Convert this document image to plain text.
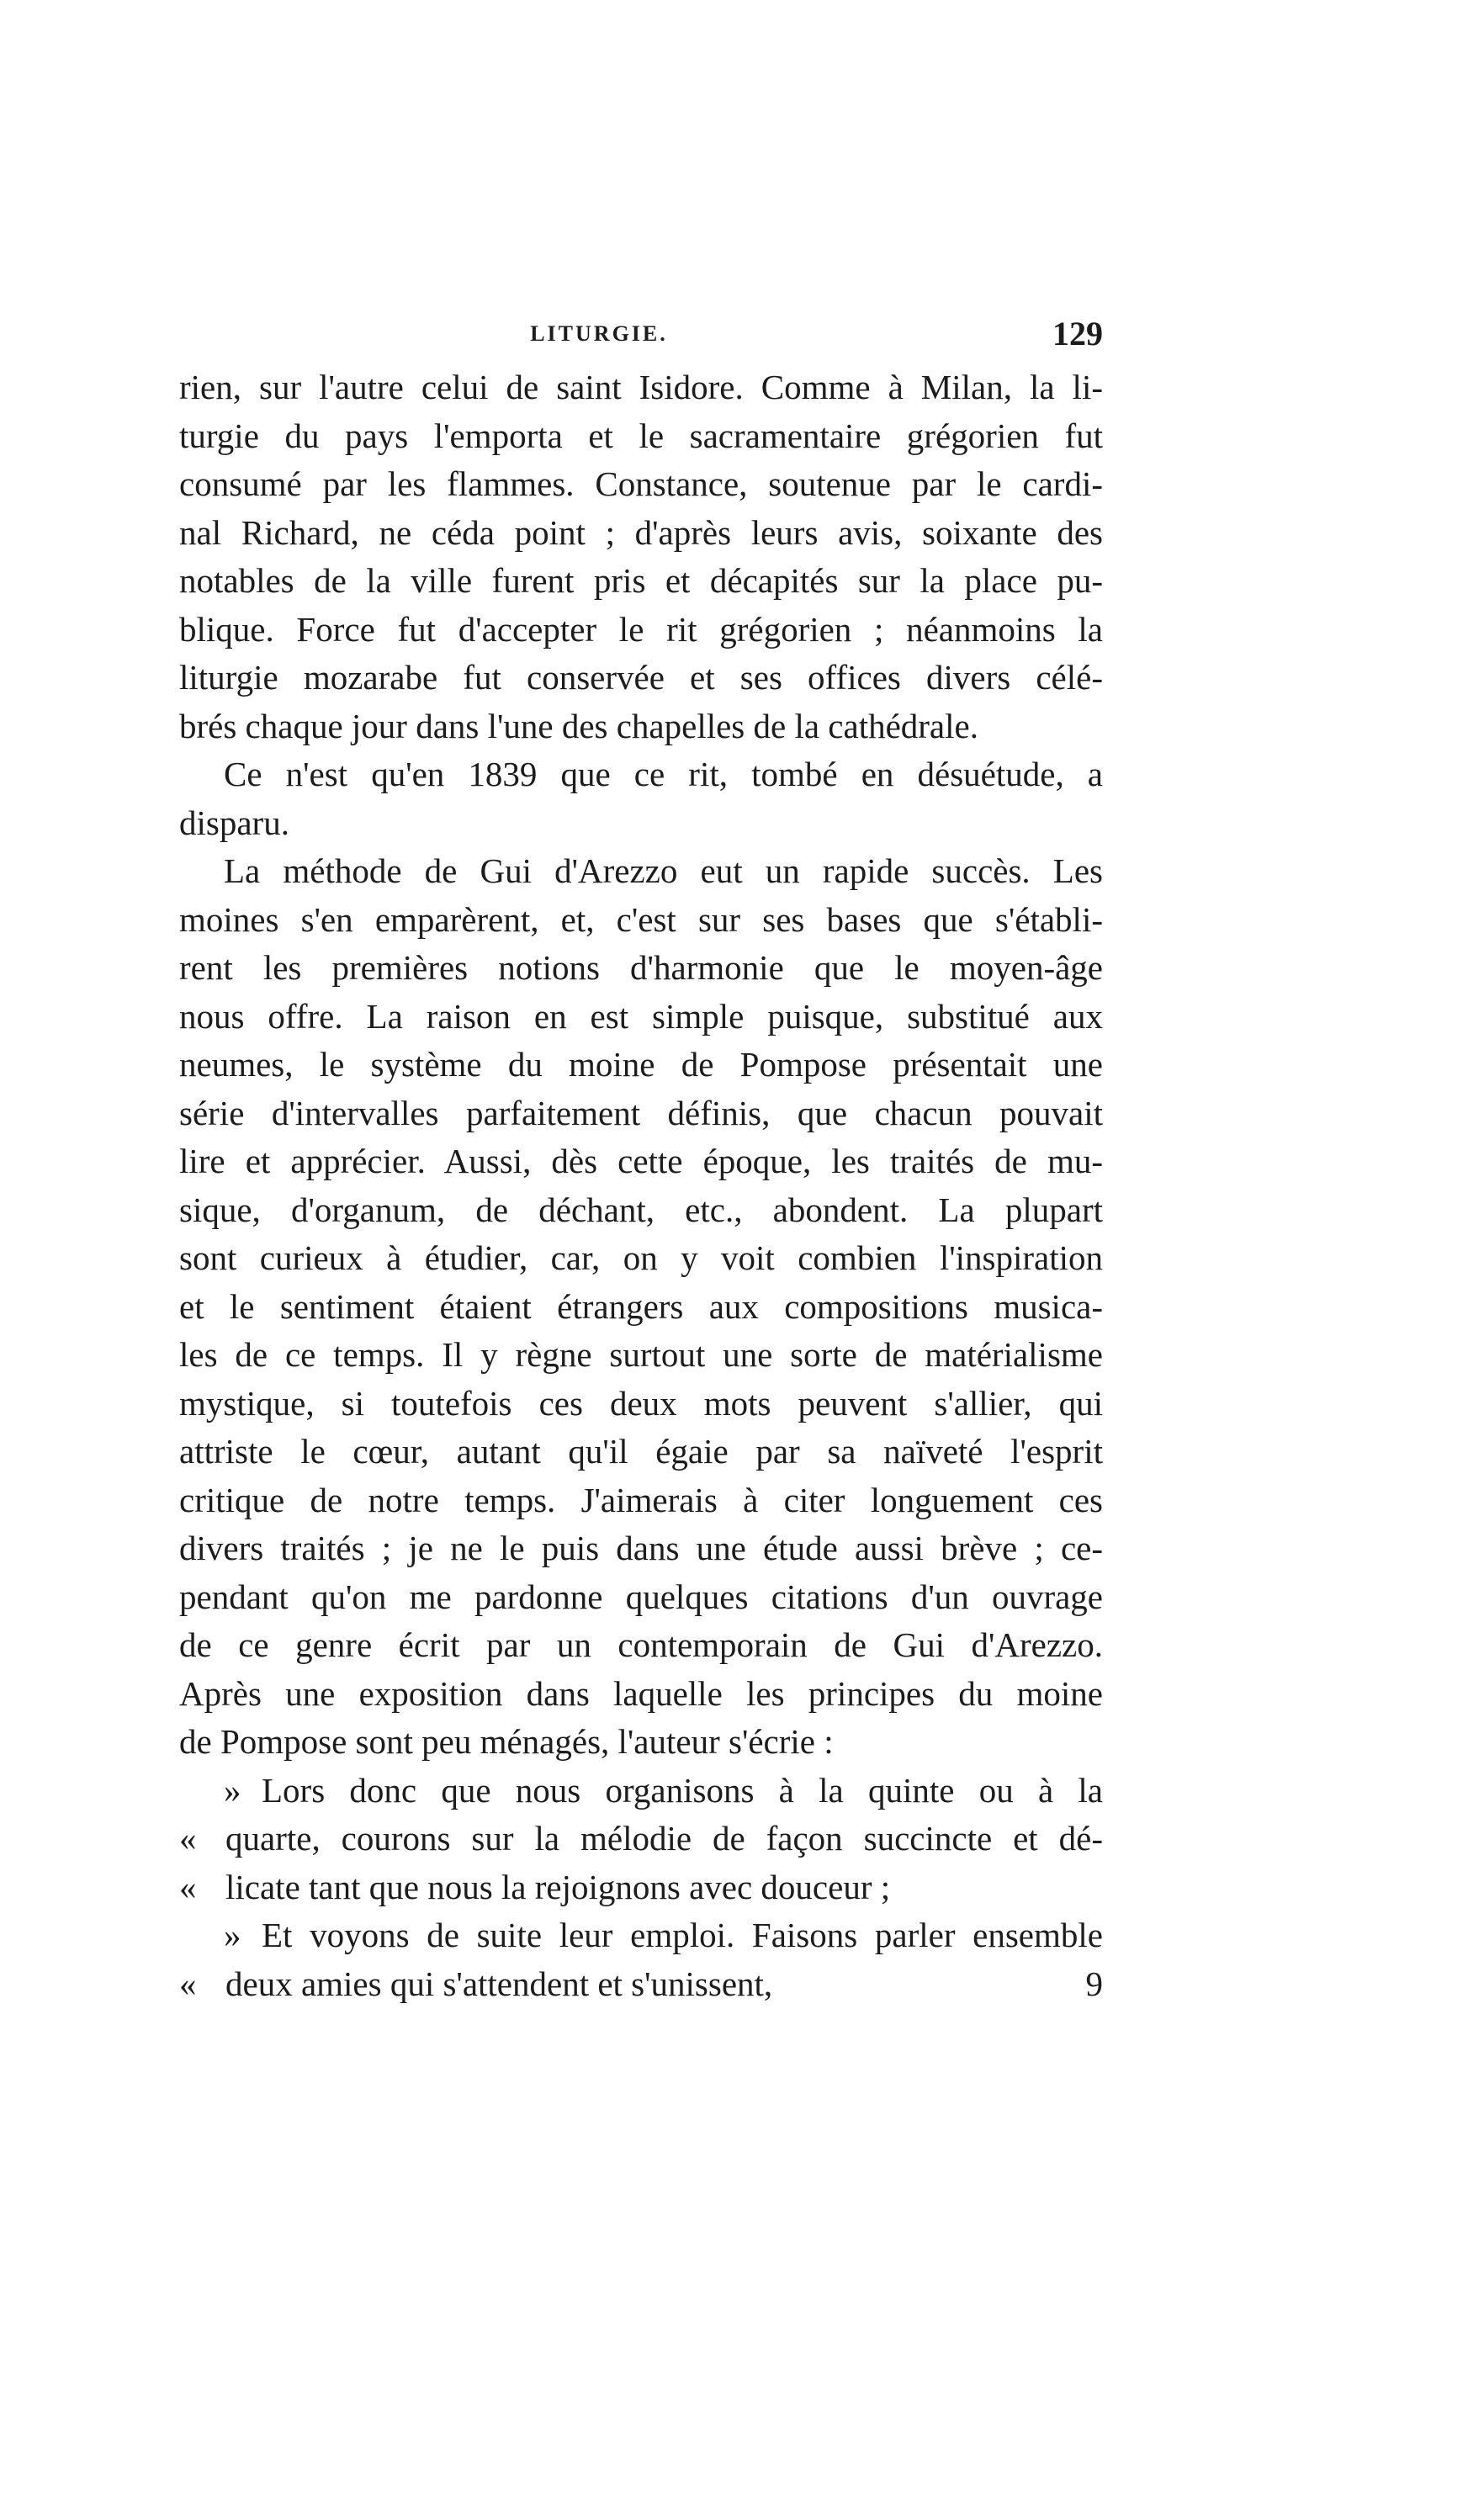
LITURGIE.	129
rien, sur l'autre celui de saint Isidore. Comme à Milan, la li-
turgie du pays l'emporta et le sacramentaire grégorien fut
consumé par les flammes. Constance, soutenue par le cardi-
nal Richard, ne céda point ; d'après leurs avis, soixante des
notables de la ville furent pris et décapités sur la place pu-
blique. Force fut d'accepter le rit grégorien ; néanmoins la
liturgie mozarabe fut conservée et ses offices divers célé-
brés chaque jour dans l'une des chapelles de la cathédrale.
Ce n'est qu'en 1839 que ce rit, tombé en désuétude, a
disparu.
La méthode de Gui d'Arezzo eut un rapide succès. Les
moines s'en emparèrent, et, c'est sur ses bases que s'établi-
rent les premières notions d'harmonie que le moyen-âge
nous offre. La raison en est simple puisque, substitué aux
neumes, le système du moine de Pompose présentait une
série d'intervalles parfaitement définis, que chacun pouvait
lire et apprécier. Aussi, dès cette époque, les traités de mu-
sique, d'organum, de déchant, etc., abondent. La plupart
sont curieux à étudier, car, on y voit combien l'inspiration
et le sentiment étaient étrangers aux compositions musica-
les de ce temps. Il y règne surtout une sorte de matérialisme
mystique, si toutefois ces deux mots peuvent s'allier, qui
attriste le cœur, autant qu'il égaie par sa naïveté l'esprit
critique de notre temps. J'aimerais à citer longuement ces
divers traités ; je ne le puis dans une étude aussi brève ; ce-
pendant qu'on me pardonne quelques citations d'un ouvrage
de ce genre écrit par un contemporain de Gui d'Arezzo.
Après une exposition dans laquelle les principes du moine
de Pompose sont peu ménagés, l'auteur s'écrie :
» Lors donc que nous organisons à la quinte ou à la
« quarte, courons sur la mélodie de façon succincte et dé-
« licate tant que nous la rejoignons avec douceur ;
» Et voyons de suite leur emploi. Faisons parler ensemble
« deux amies qui s'attendent et s'unissent,	9
